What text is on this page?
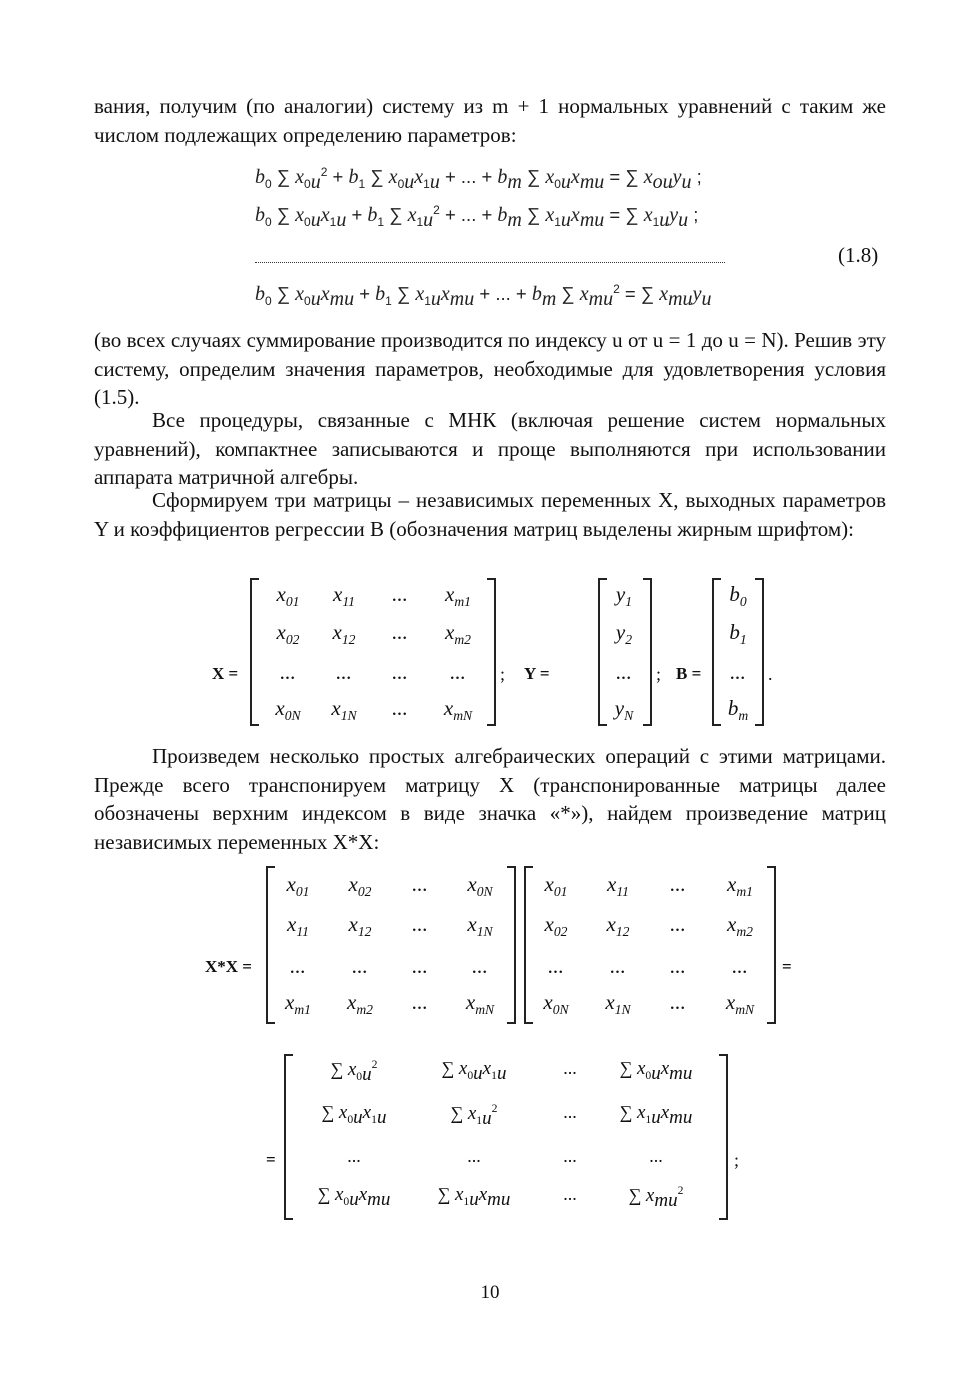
вания, получим (по аналогии) систему из m + 1 нормальных уравнений с таким же числом подлежащих определению параметров:

$b_0$ ∑ $x_{0u}^2 + b_1$ ∑ $x_{0u}x_{1u}$ + ... + $b_m$ ∑ $x_{0u}x_{mu}$ = ∑ $x_{ou}y_u$ ;
$b_0$ ∑ $x_{0u}x_{1u} + b_1$ ∑ $x_{1u}^2$ + ... + $b_m$ ∑ $x_{1u}x_{mu}$ = ∑ $x_{1u}y_u$ ;
(1.8)
$b_0$ ∑ $x_{0u}x_{mu} + b_1$ ∑ $x_{1u}x_{mu}$ + ... + $b_m$ ∑ $x_{mu}^2$ = ∑ $x_{mu}y_u$

(во всех случаях суммирование производится по индексу u от u = 1 до u = N). Решив эту систему, определим значения параметров, необходимые для удовлетворения условия (1.5).

Все процедуры, связанные с МНК (включая решение систем нормальных уравнений), компактнее записываются и проще выполняются при использовании аппарата матричной алгебры.

Сформируем три матрицы – независимых переменных X, выходных параметров Y и коэффициентов регрессии B (обозначения матриц выделены жирным шрифтом):

X =
$x_{01}$	$x_{11}$	...	$x_{m1}$
$x_{02}$	$x_{12}$	...	$x_{m2}$
...	...	...	...
$x_{0N}$	$x_{1N}$	...	$x_{mN}$
; Y =
$y_1$
$y_2$
...
$y_N$
; B =
$b_0$
$b_1$
...
$b_m$
.

Произведем несколько простых алгебраических операций с этими матрицами. Прежде всего транспонируем матрицу X (транспонированные матрицы далее обозначены верхним индексом в виде значка «*»), найдем произведение матриц независимых переменных X*X:

X*X =
$x_{01}$	$x_{02}$	...	$x_{0N}$
$x_{11}$	$x_{12}$	...	$x_{1N}$
...	...	...	...
$x_{m1}$	$x_{m2}$	...	$x_{mN}$
$x_{01}$	$x_{11}$	...	$x_{m1}$
$x_{02}$	$x_{12}$	...	$x_{m2}$
...	...	...	...
$x_{0N}$	$x_{1N}$	...	$x_{mN}$
=
=
∑ $x_{0u}^2$	∑ $x_{0u}x_{1u}$	...	∑ $x_{0u}x_{mu}$
∑ $x_{0u}x_{1u}$	∑ $x_{1u}^2$	...	∑ $x_{1u}x_{mu}$
...	...	...	...
∑ $x_{0u}x_{mu}$	∑ $x_{1u}x_{mu}$	...	∑ $x_{mu}^2$
;
10
